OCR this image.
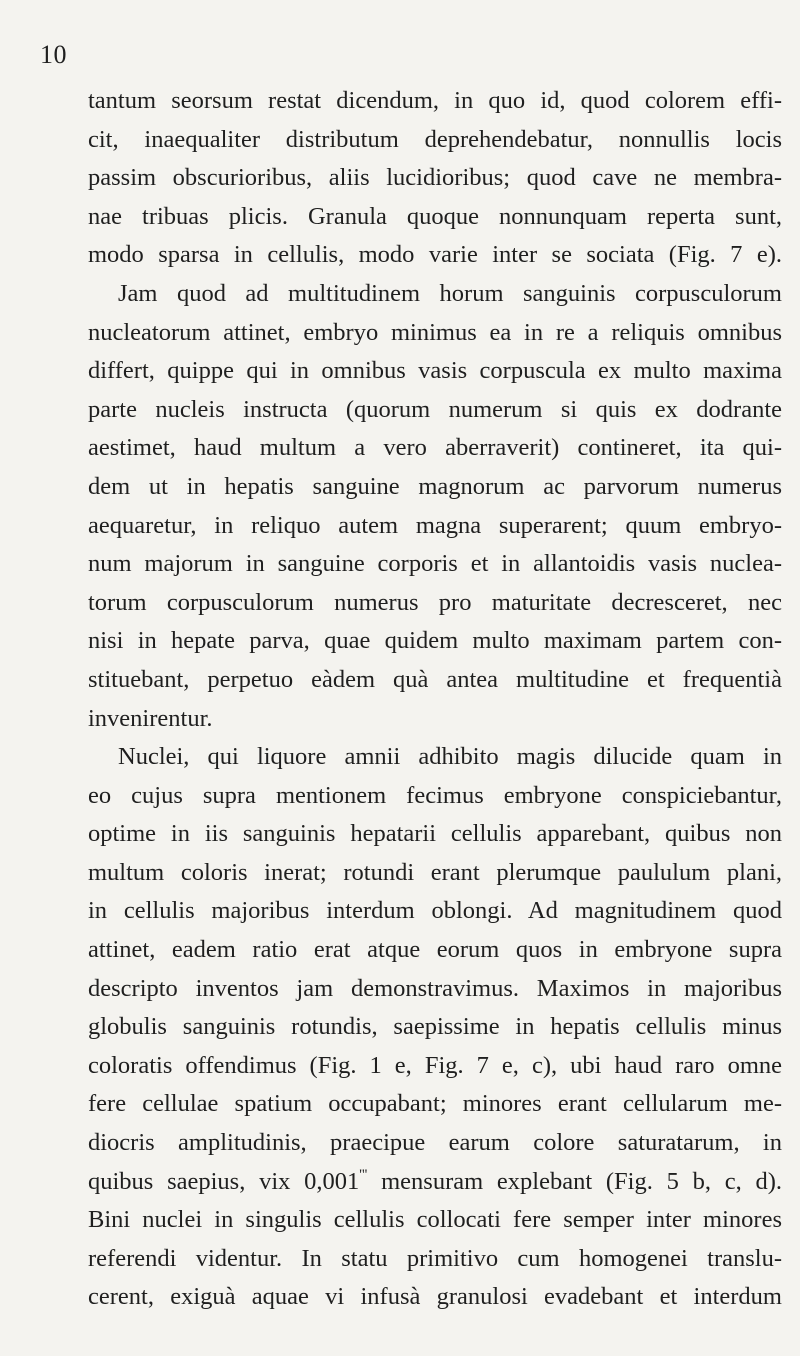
10
tantum seorsum restat dicendum, in quo id, quod colorem effi-
cit, inaequaliter distributum deprehendebatur, nonnullis locis
passim obscurioribus, aliis lucidioribus; quod cave ne membra-
nae tribuas plicis. Granula quoque nonnunquam reperta sunt,
modo sparsa in cellulis, modo varie inter se sociata (Fig. 7 e).
Jam quod ad multitudinem horum sanguinis corpusculorum
nucleatorum attinet, embryo minimus ea in re a reliquis omnibus
differt, quippe qui in omnibus vasis corpuscula ex multo maxima
parte nucleis instructa (quorum numerum si quis ex dodrante
aestimet, haud multum a vero aberraverit) contineret, ita qui-
dem ut in hepatis sanguine magnorum ac parvorum numerus
aequaretur, in reliquo autem magna superarent; quum embryo-
num majorum in sanguine corporis et in allantoidis vasis nuclea-
torum corpusculorum numerus pro maturitate decresceret, nec
nisi in hepate parva, quae quidem multo maximam partem con-
stituebant, perpetuo eàdem quà antea multitudine et frequentià
invenirentur.
Nuclei, qui liquore amnii adhibito magis dilucide quam in
eo cujus supra mentionem fecimus embryone conspiciebantur,
optime in iis sanguinis hepatarii cellulis apparebant, quibus non
multum coloris inerat; rotundi erant plerumque paululum plani,
in cellulis majoribus interdum oblongi. Ad magnitudinem quod
attinet, eadem ratio erat atque eorum quos in embryone supra
descripto inventos jam demonstravimus. Maximos in majoribus
globulis sanguinis rotundis, saepissime in hepatis cellulis minus
coloratis offendimus (Fig. 1 e, Fig. 7 e, c), ubi haud raro omne
fere cellulae spatium occupabant; minores erant cellularum me-
diocris amplitudinis, praecipue earum colore saturatarum, in
quibus saepius, vix 0,001''' mensuram explebant (Fig. 5 b, c, d).
Bini nuclei in singulis cellulis collocati fere semper inter minores
referendi videntur. In statu primitivo cum homogenei translu-
cerent, exiguà aquae vi infusà granulosi evadebant et interdum
